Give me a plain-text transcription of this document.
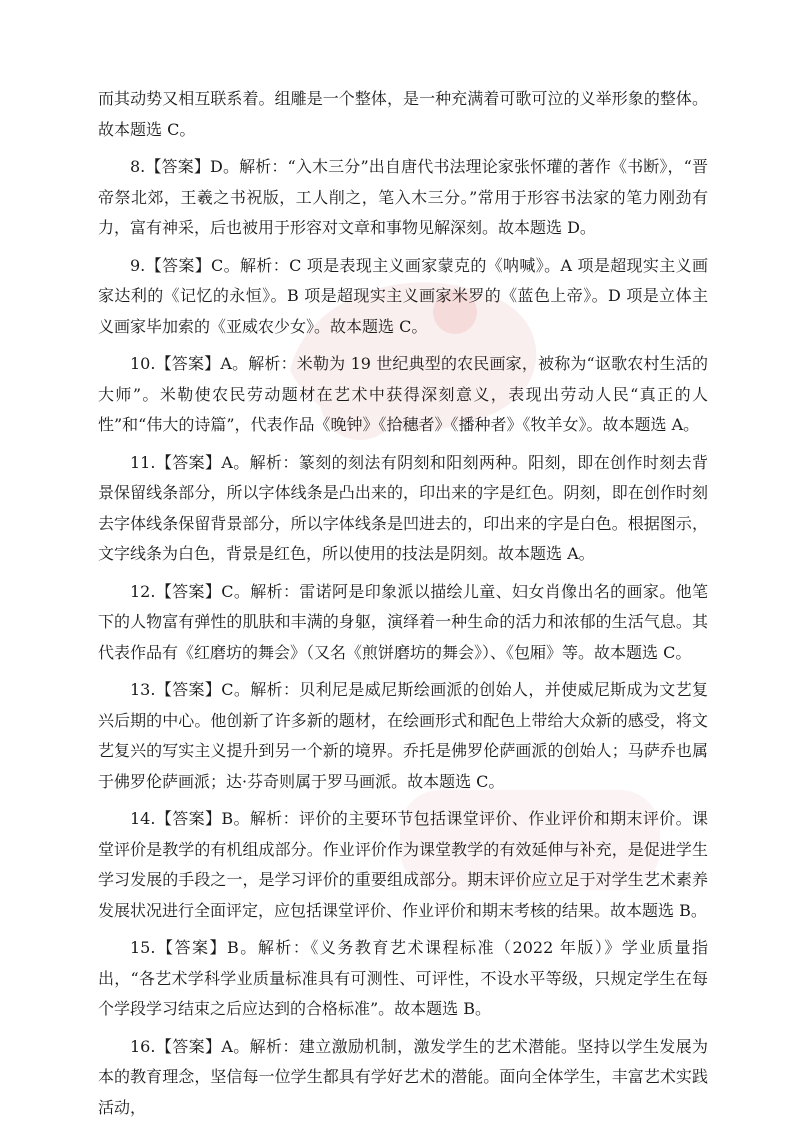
而其动势又相互联系着。组雕是一个整体，是一种充满着可歌可泣的义举形象的整体。故本题选 C。

8.【答案】D。解析：“入木三分”出自唐代书法理论家张怀瓘的著作《书断》，“晋帝祭北郊，王羲之书祝版，工人削之，笔入木三分。”常用于形容书法家的笔力刚劲有力，富有神采，后也被用于形容对文章和事物见解深刻。故本题选 D。

9.【答案】C。解析：C 项是表现主义画家蒙克的《呐喊》。A 项是超现实主义画家达利的《记忆的永恒》。B 项是超现实主义画家米罗的《蓝色上帝》。D 项是立体主义画家毕加索的《亚威农少女》。故本题选 C。

10.【答案】A。解析：米勒为 19 世纪典型的农民画家，被称为“讴歌农村生活的大师”。米勒使农民劳动题材在艺术中获得深刻意义，表现出劳动人民“真正的人性”和“伟大的诗篇”，代表作品《晚钟》《拾穗者》《播种者》《牧羊女》。故本题选 A。

11.【答案】A。解析：篆刻的刻法有阴刻和阳刻两种。阳刻，即在创作时刻去背景保留线条部分，所以字体线条是凸出来的，印出来的字是红色。阴刻，即在创作时刻去字体线条保留背景部分，所以字体线条是凹进去的，印出来的字是白色。根据图示，文字线条为白色，背景是红色，所以使用的技法是阴刻。故本题选 A。

12.【答案】C。解析：雷诺阿是印象派以描绘儿童、妇女肖像出名的画家。他笔下的人物富有弹性的肌肤和丰满的身躯，演绎着一种生命的活力和浓郁的生活气息。其代表作品有《红磨坊的舞会》（又名《煎饼磨坊的舞会》）、《包厢》等。故本题选 C。

13.【答案】C。解析：贝利尼是威尼斯绘画派的创始人，并使威尼斯成为文艺复兴后期的中心。他创新了许多新的题材，在绘画形式和配色上带给大众新的感受，将文艺复兴的写实主义提升到另一个新的境界。乔托是佛罗伦萨画派的创始人；马萨乔也属于佛罗伦萨画派；达·芬奇则属于罗马画派。故本题选 C。

14.【答案】B。解析：评价的主要环节包括课堂评价、作业评价和期末评价。课堂评价是教学的有机组成部分。作业评价作为课堂教学的有效延伸与补充，是促进学生学习发展的手段之一，是学习评价的重要组成部分。期末评价应立足于对学生艺术素养发展状况进行全面评定，应包括课堂评价、作业评价和期末考核的结果。故本题选 B。

15.【答案】B。解析：《义务教育艺术课程标准（2022 年版）》学业质量指出，“各艺术学科学业质量标准具有可测性、可评性，不设水平等级，只规定学生在每个学段学习结束之后应达到的合格标准”。故本题选 B。

16.【答案】A。解析：建立激励机制，激发学生的艺术潜能。坚持以学生发展为本的教育理念，坚信每一位学生都具有学好艺术的潜能。面向全体学生，丰富艺术实践活动，
